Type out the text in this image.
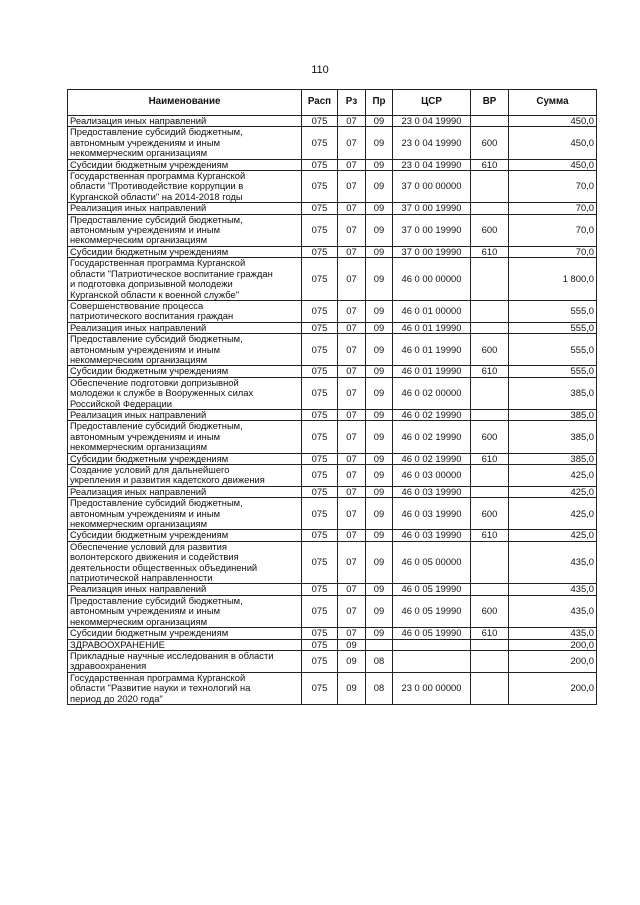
110
Наименование	Расп	Рз	Пр	ЦСР	ВР	Сумма
Реализация иных направлений	075	07	09	23 0 04 19990		450,0
Предоставление субсидий бюджетным,
автономным учреждениям и иным
некоммерческим организациям	075	07	09	23 0 04 19990	600	450,0
Субсидии бюджетным учреждениям	075	07	09	23 0 04 19990	610	450,0
Государственная программа Курганской
области "Противодействие коррупции в
Курганской области" на 2014-2018 годы	075	07	09	37 0 00 00000		70,0
Реализация иных направлений	075	07	09	37 0 00 19990		70,0
Предоставление субсидий бюджетным,
автономным учреждениям и иным
некоммерческим организациям	075	07	09	37 0 00 19990	600	70,0
Субсидии бюджетным учреждениям	075	07	09	37 0 00 19990	610	70,0
Государственная программа Курганской
области "Патриотическое воспитание граждан
и подготовка допризывной молодежи
Курганской области к военной службе"	075	07	09	46 0 00 00000		1 800,0
Совершенствование процесса
патриотического воспитания граждан	075	07	09	46 0 01 00000		555,0
Реализация иных направлений	075	07	09	46 0 01 19990		555,0
Предоставление субсидий бюджетным,
автономным учреждениям и иным
некоммерческим организациям	075	07	09	46 0 01 19990	600	555,0
Субсидии бюджетным учреждениям	075	07	09	46 0 01 19990	610	555,0
Обеспечение подготовки допризывной
молодежи к службе в Вооруженных силах
Российской Федерации	075	07	09	46 0 02 00000		385,0
Реализация иных направлений	075	07	09	46 0 02 19990		385,0
Предоставление субсидий бюджетным,
автономным учреждениям и иным
некоммерческим организациям	075	07	09	46 0 02 19990	600	385,0
Субсидии бюджетным учреждениям	075	07	09	46 0 02 19990	610	385,0
Создание условий для дальнейшего
укрепления и развития кадетского движения	075	07	09	46 0 03 00000		425,0
Реализация иных направлений	075	07	09	46 0 03 19990		425,0
Предоставление субсидий бюджетным,
автономным учреждениям и иным
некоммерческим организациям	075	07	09	46 0 03 19990	600	425,0
Субсидии бюджетным учреждениям	075	07	09	46 0 03 19990	610	425,0
Обеспечение условий для развития
волонтерского движения и содействия
деятельности общественных объединений
патриотической направленности	075	07	09	46 0 05 00000		435,0
Реализация иных направлений	075	07	09	46 0 05 19990		435,0
Предоставление субсидий бюджетным,
автономным учреждениям и иным
некоммерческим организациям	075	07	09	46 0 05 19990	600	435,0
Субсидии бюджетным учреждениям	075	07	09	46 0 05 19990	610	435,0
ЗДРАВООХРАНЕНИЕ	075	09				200,0
Прикладные научные исследования в области
здравоохранения	075	09	08			200,0
Государственная программа Курганской
области "Развитие науки и технологий на
период до 2020 года"	075	09	08	23 0 00 00000		200,0
